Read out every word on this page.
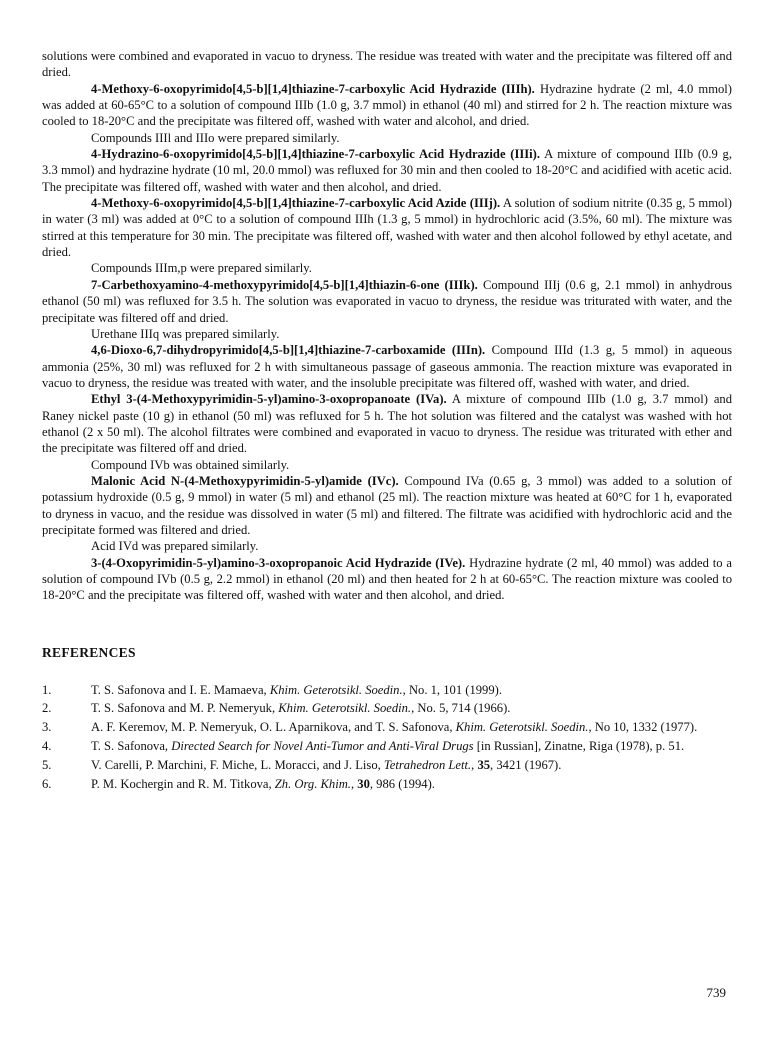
solutions were combined and evaporated in vacuo to dryness. The residue was treated with water and the precipitate was filtered off and dried.

4-Methoxy-6-oxopyrimido[4,5-b][1,4]thiazine-7-carboxylic Acid Hydrazide (IIIh). Hydrazine hydrate (2 ml, 4.0 mmol) was added at 60-65°C to a solution of compound IIIb (1.0 g, 3.7 mmol) in ethanol (40 ml) and stirred for 2 h. The reaction mixture was cooled to 18-20°C and the precipitate was filtered off, washed with water and alcohol, and dried.

Compounds IIIl and IIIo were prepared similarly.

4-Hydrazino-6-oxopyrimido[4,5-b][1,4]thiazine-7-carboxylic Acid Hydrazide (IIIi). A mixture of compound IIIb (0.9 g, 3.3 mmol) and hydrazine hydrate (10 ml, 20.0 mmol) was refluxed for 30 min and then cooled to 18-20°C and acidified with acetic acid. The precipitate was filtered off, washed with water and then alcohol, and dried.

4-Methoxy-6-oxopyrimido[4,5-b][1,4]thiazine-7-carboxylic Acid Azide (IIIj). A solution of sodium nitrite (0.35 g, 5 mmol) in water (3 ml) was added at 0°C to a solution of compound IIIh (1.3 g, 5 mmol) in hydrochloric acid (3.5%, 60 ml). The mixture was stirred at this temperature for 30 min. The precipitate was filtered off, washed with water and then alcohol followed by ethyl acetate, and dried.

Compounds IIIm,p were prepared similarly.

7-Carbethoxyamino-4-methoxypyrimido[4,5-b][1,4]thiazin-6-one (IIIk). Compound IIIj (0.6 g, 2.1 mmol) in anhydrous ethanol (50 ml) was refluxed for 3.5 h. The solution was evaporated in vacuo to dryness, the residue was triturated with water, and the precipitate was filtered off and dried.

Urethane IIIq was prepared similarly.

4,6-Dioxo-6,7-dihydropyrimido[4,5-b][1,4]thiazine-7-carboxamide (IIIn). Compound IIId (1.3 g, 5 mmol) in aqueous ammonia (25%, 30 ml) was refluxed for 2 h with simultaneous passage of gaseous ammonia. The reaction mixture was evaporated in vacuo to dryness, the residue was treated with water, and the insoluble precipitate was filtered off, washed with water, and dried.

Ethyl 3-(4-Methoxypyrimidin-5-yl)amino-3-oxopropanoate (IVa). A mixture of compound IIIb (1.0 g, 3.7 mmol) and Raney nickel paste (10 g) in ethanol (50 ml) was refluxed for 5 h. The hot solution was filtered and the catalyst was washed with hot ethanol (2 x 50 ml). The alcohol filtrates were combined and evaporated in vacuo to dryness. The residue was triturated with ether and the precipitate was filtered off and dried.

Compound IVb was obtained similarly.

Malonic Acid N-(4-Methoxypyrimidin-5-yl)amide (IVc). Compound IVa (0.65 g, 3 mmol) was added to a solution of potassium hydroxide (0.5 g, 9 mmol) in water (5 ml) and ethanol (25 ml). The reaction mixture was heated at 60°C for 1 h, evaporated to dryness in vacuo, and the residue was dissolved in water (5 ml) and filtered. The filtrate was acidified with hydrochloric acid and the precipitate formed was filtered and dried.

Acid IVd was prepared similarly.

3-(4-Oxopyrimidin-5-yl)amino-3-oxopropanoic Acid Hydrazide (IVe). Hydrazine hydrate (2 ml, 40 mmol) was added to a solution of compound IVb (0.5 g, 2.2 mmol) in ethanol (20 ml) and then heated for 2 h at 60-65°C. The reaction mixture was cooled to 18-20°C and the precipitate was filtered off, washed with water and then alcohol, and dried.

REFERENCES
1.	T. S. Safonova and I. E. Mamaeva, Khim. Geterotsikl. Soedin., No. 1, 101 (1999).
2.	T. S. Safonova and M. P. Nemeryuk, Khim. Geterotsikl. Soedin., No. 5, 714 (1966).
3.	A. F. Keremov, M. P. Nemeryuk, O. L. Aparnikova, and T. S. Safonova, Khim. Geterotsikl. Soedin., No 10, 1332 (1977).
4.	T. S. Safonova, Directed Search for Novel Anti-Tumor and Anti-Viral Drugs [in Russian], Zinatne, Riga (1978), p. 51.
5.	V. Carelli, P. Marchini, F. Miche, L. Moracci, and J. Liso, Tetrahedron Lett., 35, 3421 (1967).
6.	P. M. Kochergin and R. M. Titkova, Zh. Org. Khim., 30, 986 (1994).
739
